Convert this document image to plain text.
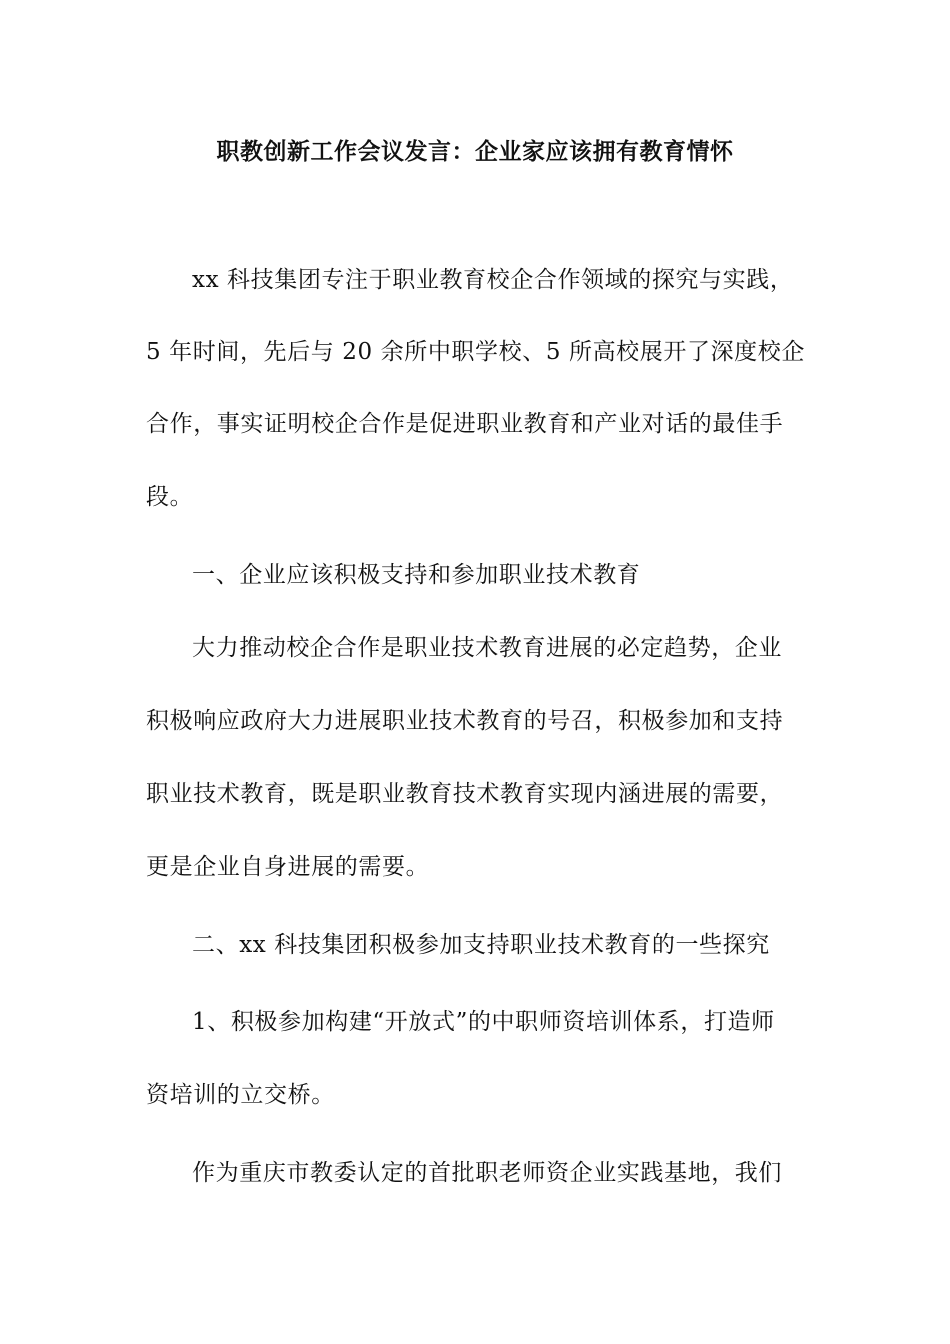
职教创新工作会议发言：企业家应该拥有教育情怀
xx 科技集团专注于职业教育校企合作领域的探究与实践，
5 年时间，先后与 20 余所中职学校、5 所高校展开了深度校企
合作，事实证明校企合作是促进职业教育和产业对话的最佳手
段。
一、企业应该积极支持和参加职业技术教育
大力推动校企合作是职业技术教育进展的必定趋势，企业
积极响应政府大力进展职业技术教育的号召，积极参加和支持
职业技术教育，既是职业教育技术教育实现内涵进展的需要，
更是企业自身进展的需要。
二、xx 科技集团积极参加支持职业技术教育的一些探究
1、积极参加构建“开放式”的中职师资培训体系，打造师
资培训的立交桥。
作为重庆市教委认定的首批职老师资企业实践基地，我们
